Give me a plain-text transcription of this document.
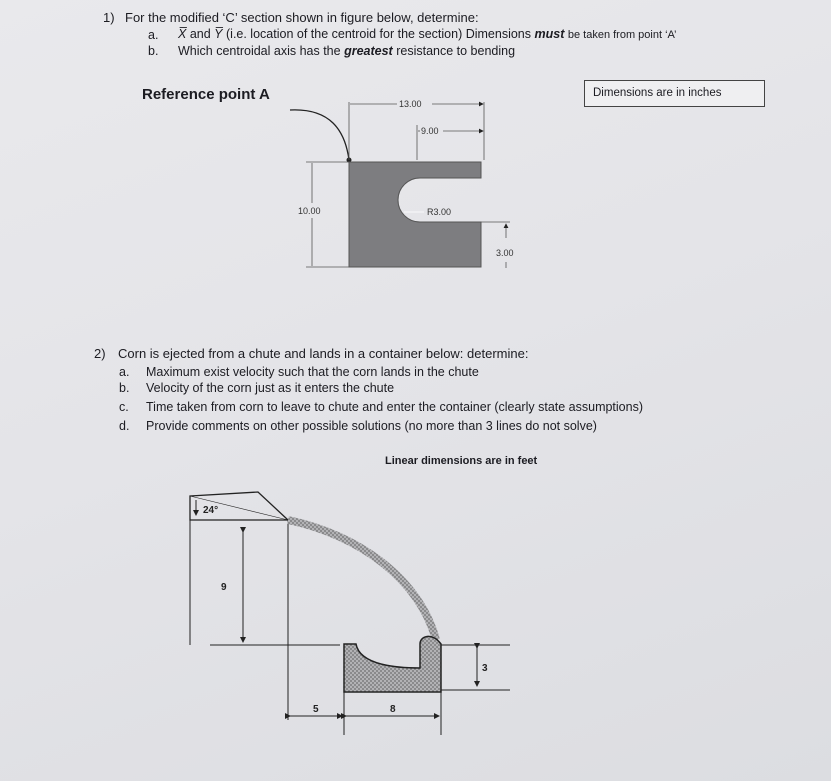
1) For the modified ‘C’ section shown in figure below, determine:
a. X̅ and Y̅ (i.e. location of the centroid for the section) Dimensions must be taken from point ‘A’
b. Which centroidal axis has the greatest resistance to bending
Reference point A	Dimensions are in inches
2) Corn is ejected from a chute and lands in a container below: determine:
a. Maximum exist velocity such that the corn lands in the chute
b. Velocity of the corn just as it enters the chute
c. Time taken from corn to leave to chute and enter the container (clearly state assumptions)
d. Provide comments on other possible solutions (no more than 3 lines do not solve)
Linear dimensions are in feet
13.00
9.00
10.00	R3.00
3.00
24°
9
3
5	8
